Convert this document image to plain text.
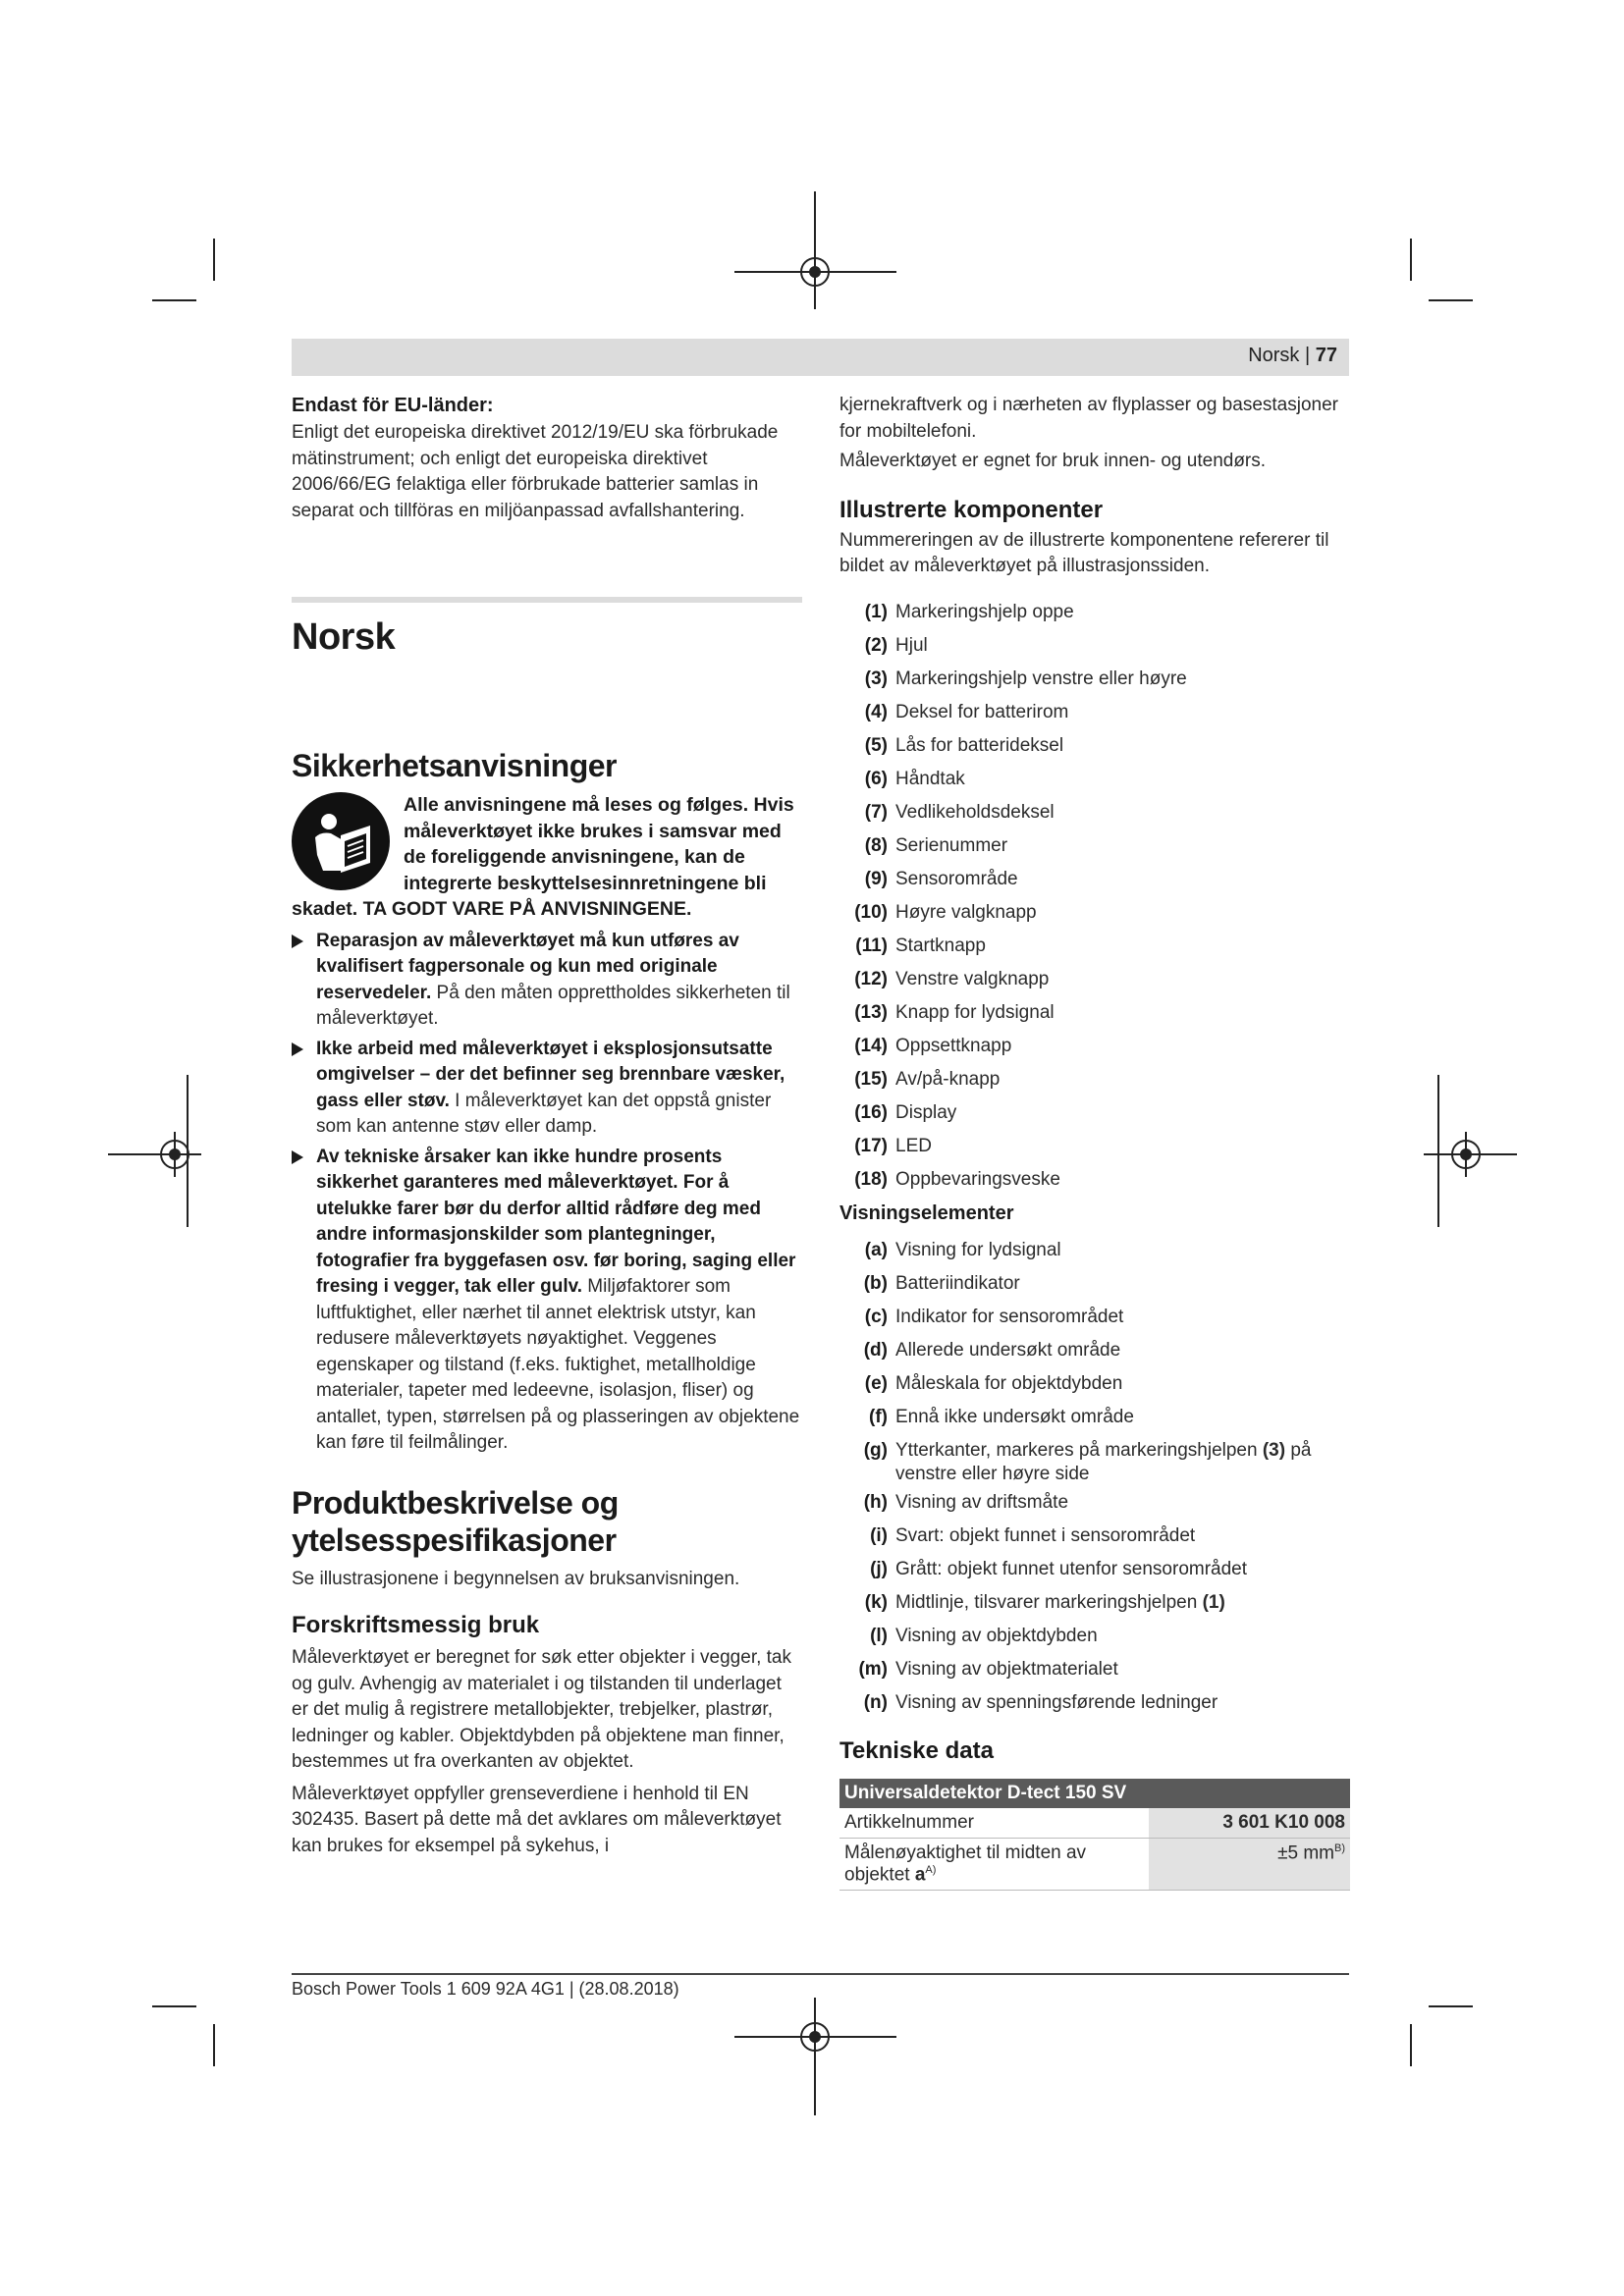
Norsk | 77

Endast för EU-länder:

Enligt det europeiska direktivet 2012/19/EU ska förbrukade mätinstrument; och enligt det europeiska direktivet 2006/66/EG felaktiga eller förbrukade batterier samlas in separat och tillföras en miljöanpassad avfallshantering.

Norsk
Sikkerhetsanvisninger

Alle anvisningene må leses og følges. Hvis måleverktøyet ikke brukes i samsvar med de foreliggende anvisningene, kan de integrerte beskyttelsesinnretningene bli skadet. TA GODT VARE PÅ ANVISNINGENE.

Reparasjon av måleverktøyet må kun utføres av kvalifisert fagpersonale og kun med originale reservedeler. På den måten opprettholdes sikkerheten til måleverktøyet.
Ikke arbeid med måleverktøyet i eksplosjonsutsatte omgivelser – der det befinner seg brennbare væsker, gass eller støv. I måleverktøyet kan det oppstå gnister som kan antenne støv eller damp.
Av tekniske årsaker kan ikke hundre prosents sikkerhet garanteres med måleverktøyet. For å utelukke farer bør du derfor alltid rådføre deg med andre informasjonskilder som plantegninger, fotografier fra byggefasen osv. før boring, saging eller fresing i vegger, tak eller gulv. Miljøfaktorer som luftfuktighet, eller nærhet til annet elektrisk utstyr, kan redusere måleverktøyets nøyaktighet. Veggenes egenskaper og tilstand (f.eks. fuktighet, metallholdige materialer, tapeter med ledeevne, isolasjon, fliser) og antallet, typen, størrelsen på og plasseringen av objektene kan føre til feilmålinger.
Produktbeskrivelse og ytelsesspesifikasjoner

Se illustrasjonene i begynnelsen av bruksanvisningen.

Forskriftsmessig bruk

Måleverktøyet er beregnet for søk etter objekter i vegger, tak og gulv. Avhengig av materialet i og tilstanden til underlaget er det mulig å registrere metallobjekter, trebjelker, plastrør, ledninger og kabler. Objektdybden på objektene man finner, bestemmes ut fra overkanten av objektet.

Måleverktøyet oppfyller grenseverdiene i henhold til EN 302435. Basert på dette må det avklares om måleverktøyet kan brukes for eksempel på sykehus, i

kjernekraftverk og i nærheten av flyplasser og basestasjoner for mobiltelefoni.

Måleverktøyet er egnet for bruk innen- og utendørs.

Illustrerte komponenter

Nummereringen av de illustrerte komponentene refererer til bildet av måleverktøyet på illustrasjonssiden.

(1) Markeringshjelp oppe
(2) Hjul
(3) Markeringshjelp venstre eller høyre
(4) Deksel for batterirom
(5) Lås for batterideksel
(6) Håndtak
(7) Vedlikeholdsdeksel
(8) Serienummer
(9) Sensorområde
(10) Høyre valgknapp
(11) Startknapp
(12) Venstre valgknapp
(13) Knapp for lydsignal
(14) Oppsettknapp
(15) Av/på-knapp
(16) Display
(17) LED
(18) Oppbevaringsveske
Visningselementer
(a) Visning for lydsignal
(b) Batteriindikator
(c) Indikator for sensorområdet
(d) Allerede undersøkt område
(e) Måleskala for objektdybden
(f) Ennå ikke undersøkt område
(g) Ytterkanter, markeres på markeringshjelpen (3) på venstre eller høyre side
(h) Visning av driftsmåte
(i) Svart: objekt funnet i sensorområdet
(j) Grått: objekt funnet utenfor sensorområdet
(k) Midtlinje, tilsvarer markeringshjelpen (1)
(l) Visning av objektdybden
(m) Visning av objektmaterialet
(n) Visning av spenningsførende ledninger
Tekniske data
Universaldetektor D-tect 150 SV	
Artikkelnummer	3 601 K10 008
Målenøyaktighet til midten av objektet $a^{A)}$	±5 $mm^{B)}$
Bosch Power Tools 1 609 92A 4G1 | (28.08.2018)
